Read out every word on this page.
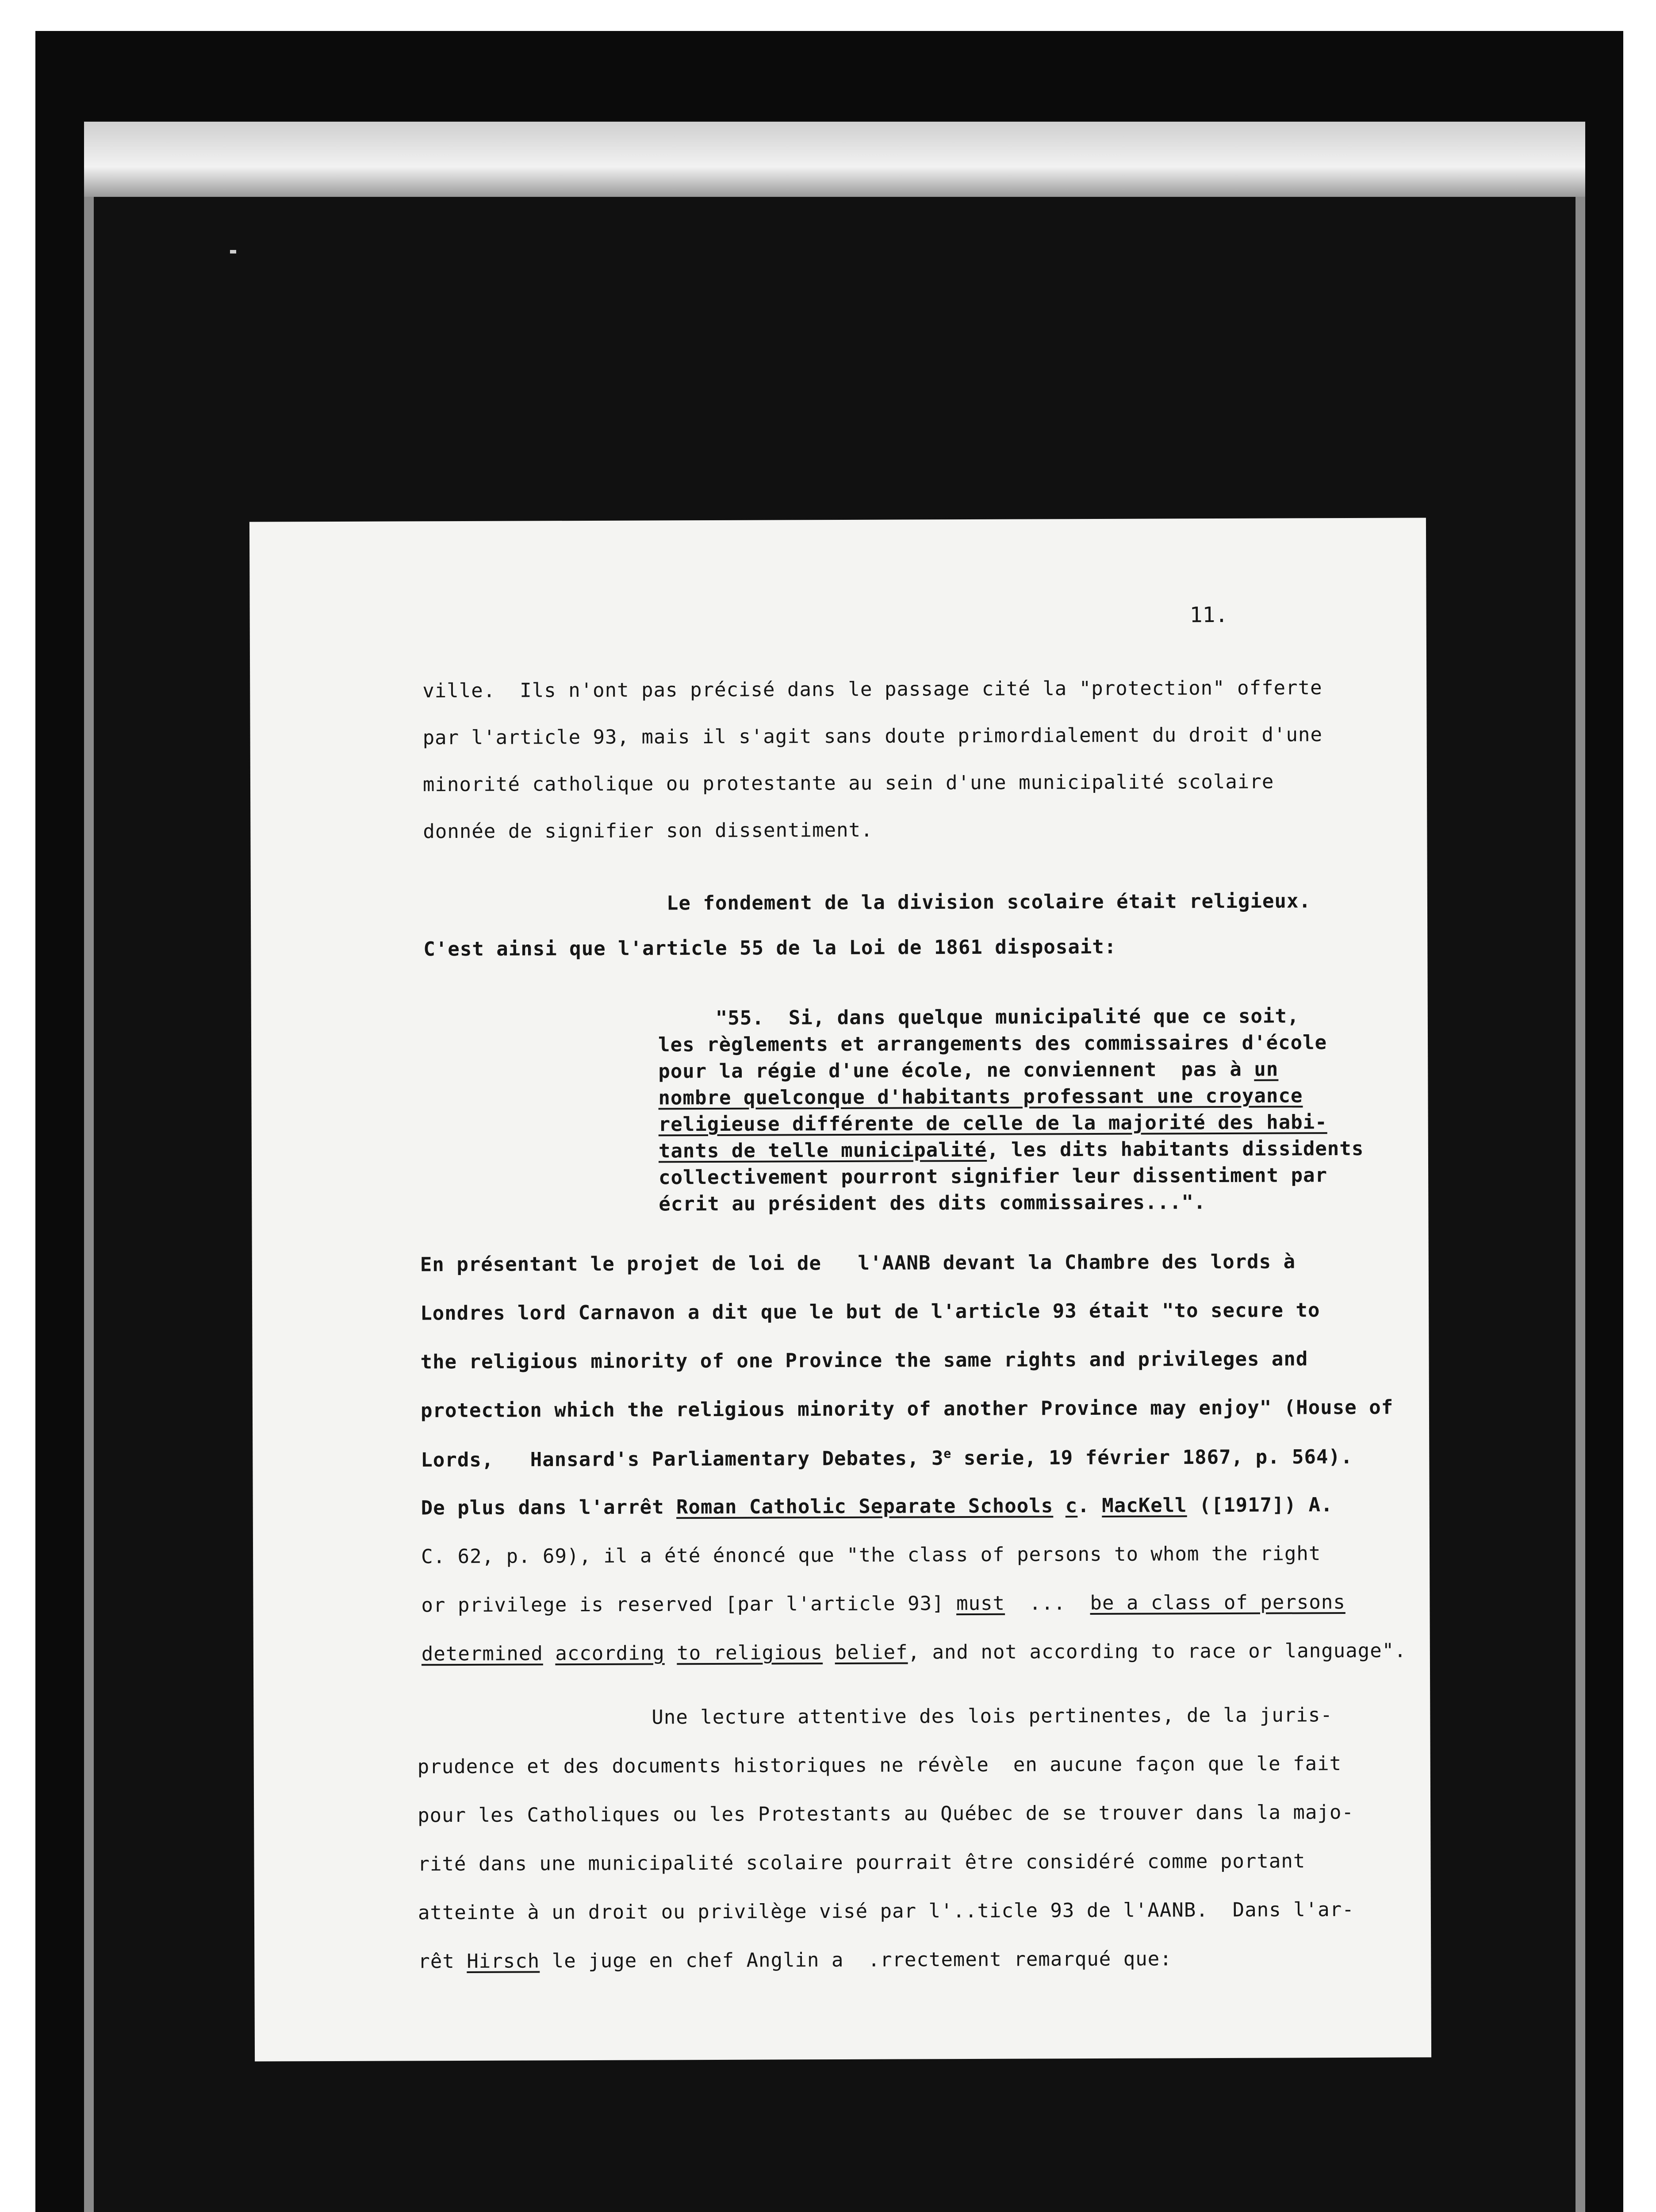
11.
ville.  Ils n'ont pas précisé dans le passage cité la "protection" offerte
par l'article 93, mais il s'agit sans doute primordialement du droit d'une
minorité catholique ou protestante au sein d'une municipalité scolaire
donnée de signifier son dissentiment.
Le fondement de la division scolaire était religieux.
C'est ainsi que l'article 55 de la Loi de 1861 disposait:
"55.  Si, dans quelque municipalité que ce soit,
les règlements et arrangements des commissaires d'école
pour la régie d'une école, ne conviennent  pas à un
nombre quelconque d'habitants professant une croyance
religieuse différente de celle de la majorité des habi-
tants de telle municipalité, les dits habitants dissidents
collectivement pourront signifier leur dissentiment par
écrit au président des dits commissaires...".
En présentant le projet de loi de   l'AANB devant la Chambre des lords à
Londres lord Carnavon a dit que le but de l'article 93 était "to secure to
the religious minority of one Province the same rights and privileges and
protection which the religious minority of another Province may enjoy" (House of
Lords,   Hansard's Parliamentary Debates, 3e serie, 19 février 1867, p. 564).
De plus dans l'arrêt Roman Catholic Separate Schools c. MacKell ([1917]) A.
C. 62, p. 69), il a été énoncé que "the class of persons to whom the right
or privilege is reserved [par l'article 93] must  ...  be a class of persons
determined according to religious belief, and not according to race or language".
Une lecture attentive des lois pertinentes, de la juris-
prudence et des documents historiques ne révèle  en aucune façon que le fait
pour les Catholiques ou les Protestants au Québec de se trouver dans la majo-
rité dans une municipalité scolaire pourrait être considéré comme portant
atteinte à un droit ou privilège visé par l'..ticle 93 de l'AANB.  Dans l'ar-
rêt Hirsch le juge en chef Anglin a  .rrectement remarqué que:
